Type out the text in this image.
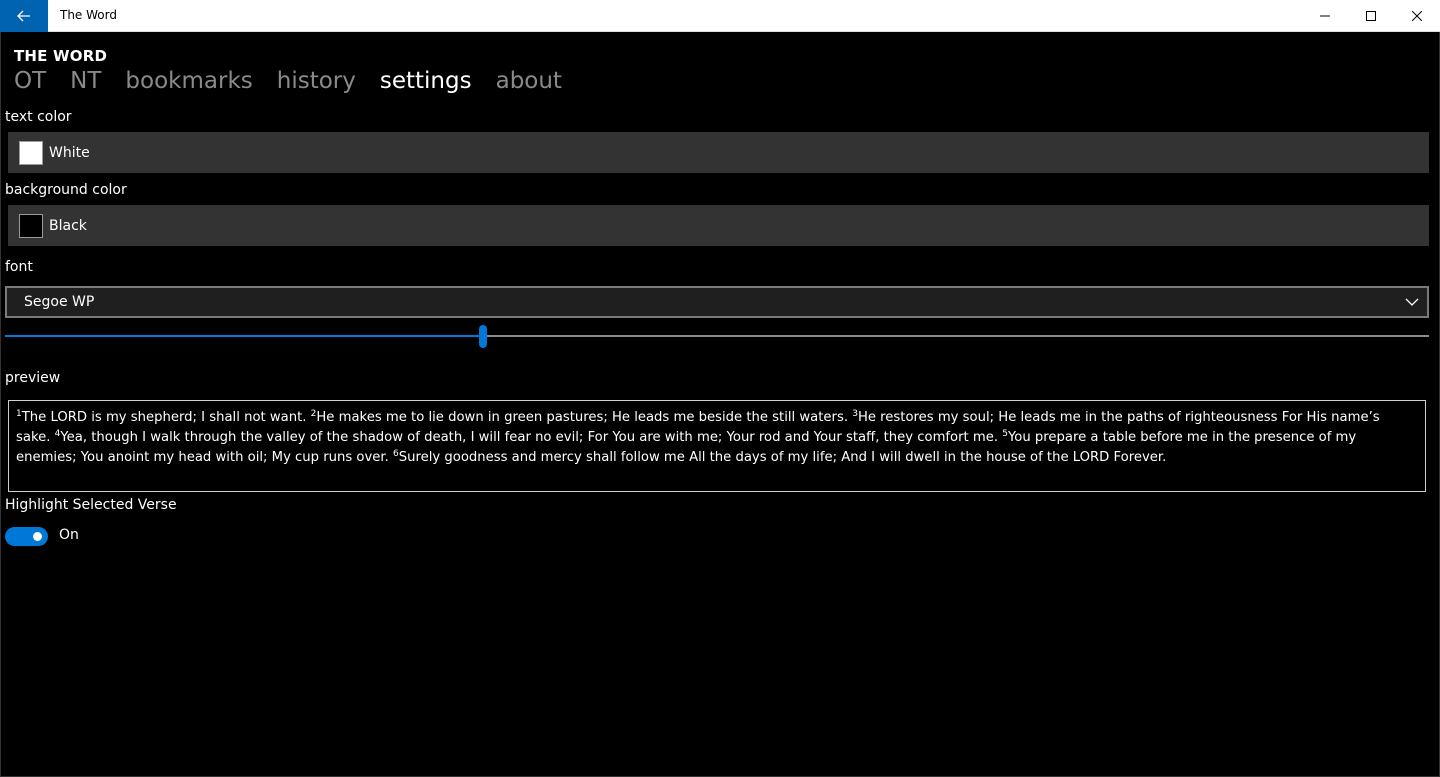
The Word
THE WORD
OT NT bookmarks history settings about
text color
White
background color
Black
font
Segoe WP
preview
$^1$The LORD is my shepherd; I shall not want. $^2$He makes me to lie down in green pastures; He leads me beside the still waters. $^3$He restores my soul; He leads me in the paths of righteousness For His name’s sake. $^4$Yea, though I walk through the valley of the shadow of death, I will fear no evil; For You are with me; Your rod and Your staff, they comfort me. $^5$You prepare a table before me in the presence of my enemies; You anoint my head with oil; My cup runs over. $^6$Surely goodness and mercy shall follow me All the days of my life; And I will dwell in the house of the LORD Forever.
Highlight Selected Verse
On
